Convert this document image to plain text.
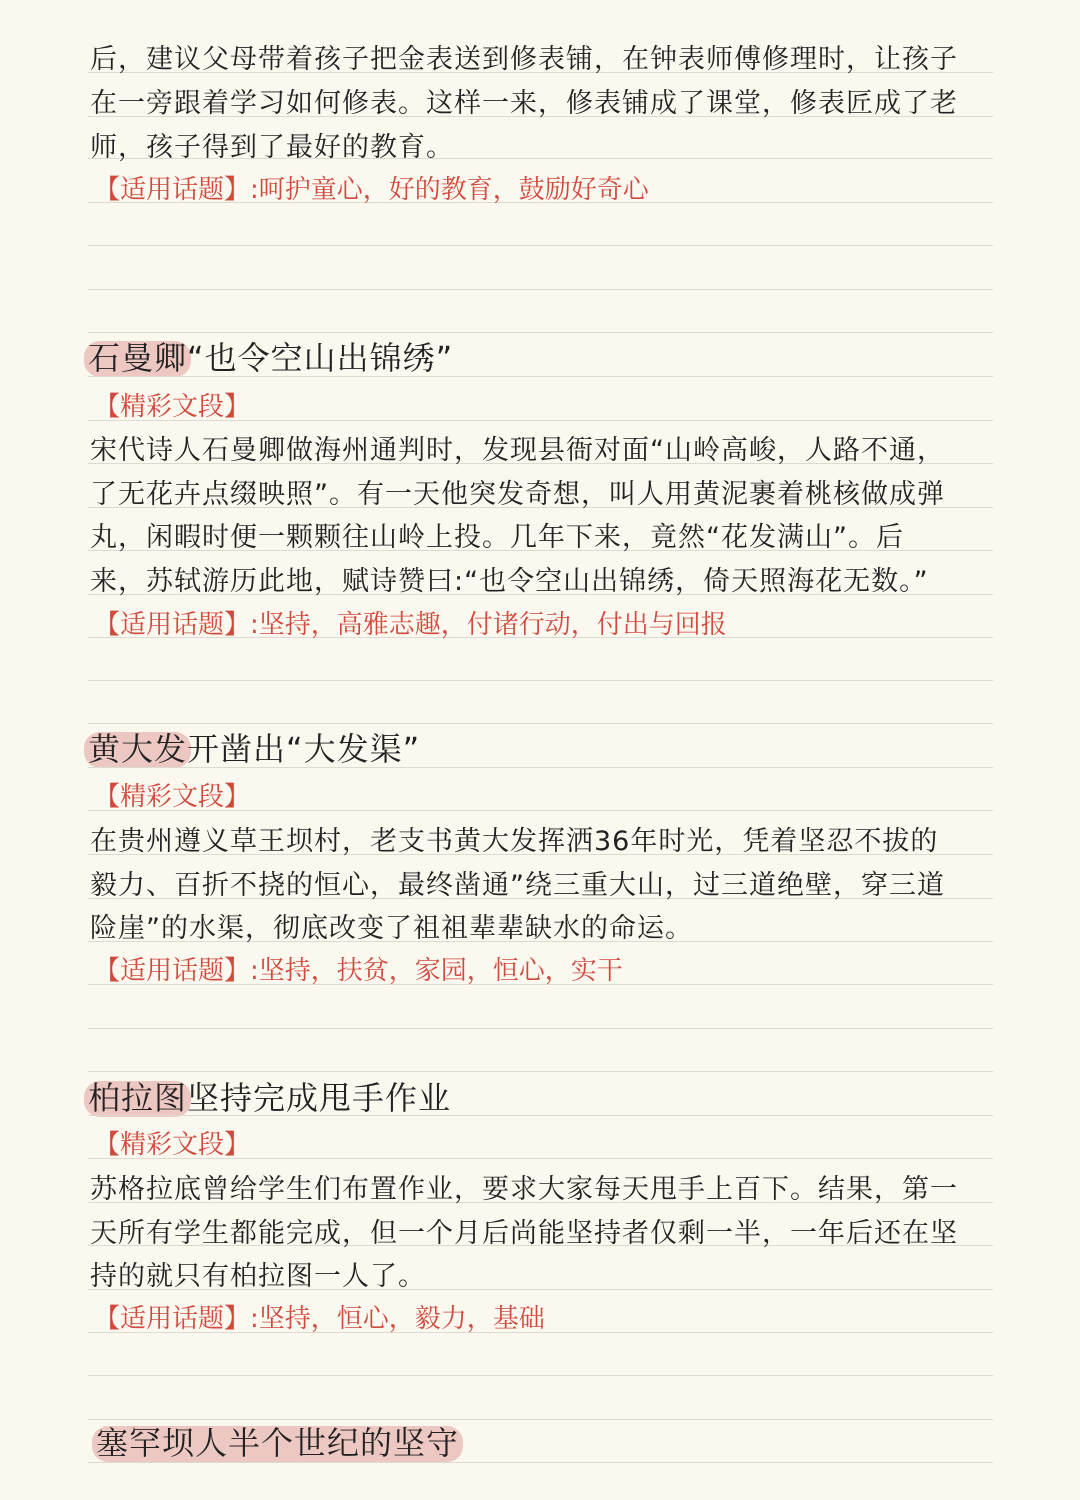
后，建议父母带着孩子把金表送到修表铺，在钟表师傅修理时，让孩子
在一旁跟着学习如何修表。这样一来，修表铺成了课堂，修表匠成了老
师，孩子得到了最好的教育。
【适用话题】:呵护童心，好的教育，鼓励好奇心
石曼卿“也令空山出锦绣”
【精彩文段】
宋代诗人石曼卿做海州通判时，发现县衙对面“山岭高峻，人路不通，
了无花卉点缀映照”。有一天他突发奇想，叫人用黄泥裹着桃核做成弹
丸，闲暇时便一颗颗往山岭上投。几年下来，竟然“花发满山”。后
来，苏轼游历此地，赋诗赞曰:“也令空山出锦绣，倚天照海花无数。”
【适用话题】:坚持，高雅志趣，付诸行动，付出与回报
黄大发开凿出“大发渠”
【精彩文段】
在贵州遵义草王坝村，老支书黄大发挥洒36年时光，凭着坚忍不拔的
毅力、百折不挠的恒心，最终凿通”绕三重大山，过三道绝壁，穿三道
险崖”的水渠，彻底改变了祖祖辈辈缺水的命运。
【适用话题】:坚持，扶贫，家园，恒心，实干
柏拉图坚持完成甩手作业
【精彩文段】
苏格拉底曾给学生们布置作业，要求大家每天甩手上百下。结果，第一
天所有学生都能完成，但一个月后尚能坚持者仅剩一半，一年后还在坚
持的就只有柏拉图一人了。
【适用话题】:坚持，恒心，毅力，基础
塞罕坝人半个世纪的坚守
